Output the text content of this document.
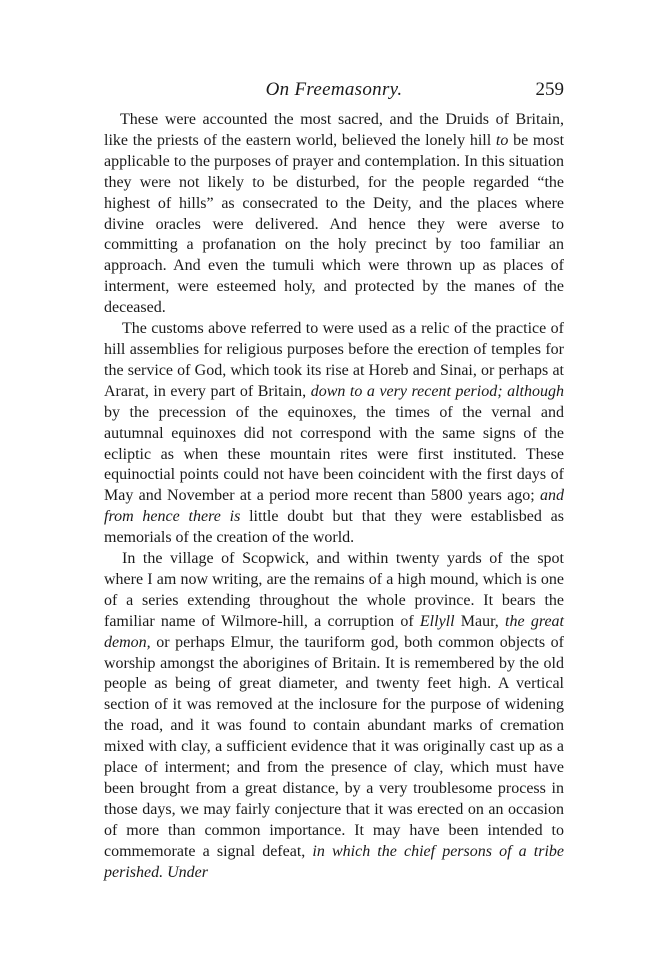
On Freemasonry.	259

These were accounted the most sacred, and the Druids of Britain, like the priests of the eastern world, believed the lonely hill to be most applicable to the purposes of prayer and contemplation. In this situation they were not likely to be disturbed, for the people regarded “the highest of hills” as consecrated to the Deity, and the places where divine oracles were delivered. And hence they were averse to committing a profanation on the holy precinct by too familiar an approach. And even the tumuli which were thrown up as places of interment, were esteemed holy, and protected by the manes of the deceased.

The customs above referred to were used as a relic of the practice of hill assemblies for religious purposes before the erection of temples for the service of God, which took its rise at Horeb and Sinai, or perhaps at Ararat, in every part of Britain, down to a very recent period; although by the precession of the equinoxes, the times of the vernal and autumnal equinoxes did not correspond with the same signs of the ecliptic as when these mountain rites were first instituted. These equinoctial points could not have been coincident with the first days of May and November at a period more recent than 5800 years ago; and from hence there is little doubt but that they were establisbed as memorials of the creation of the world.

In the village of Scopwick, and within twenty yards of the spot where I am now writing, are the remains of a high mound, which is one of a series extending throughout the whole province. It bears the familiar name of Wilmore-hill, a corruption of Ellyll Maur, the great demon, or perhaps Elmur, the tauriform god, both common objects of worship amongst the aborigines of Britain. It is remembered by the old people as being of great diameter, and twenty feet high. A vertical section of it was removed at the inclosure for the purpose of widening the road, and it was found to contain abundant marks of cremation mixed with clay, a sufficient evidence that it was originally cast up as a place of interment; and from the presence of clay, which must have been brought from a great distance, by a very troublesome process in those days, we may fairly conjecture that it was erected on an occasion of more than common importance. It may have been intended to commemorate a signal defeat, in which the chief persons of a tribe perished. Under
